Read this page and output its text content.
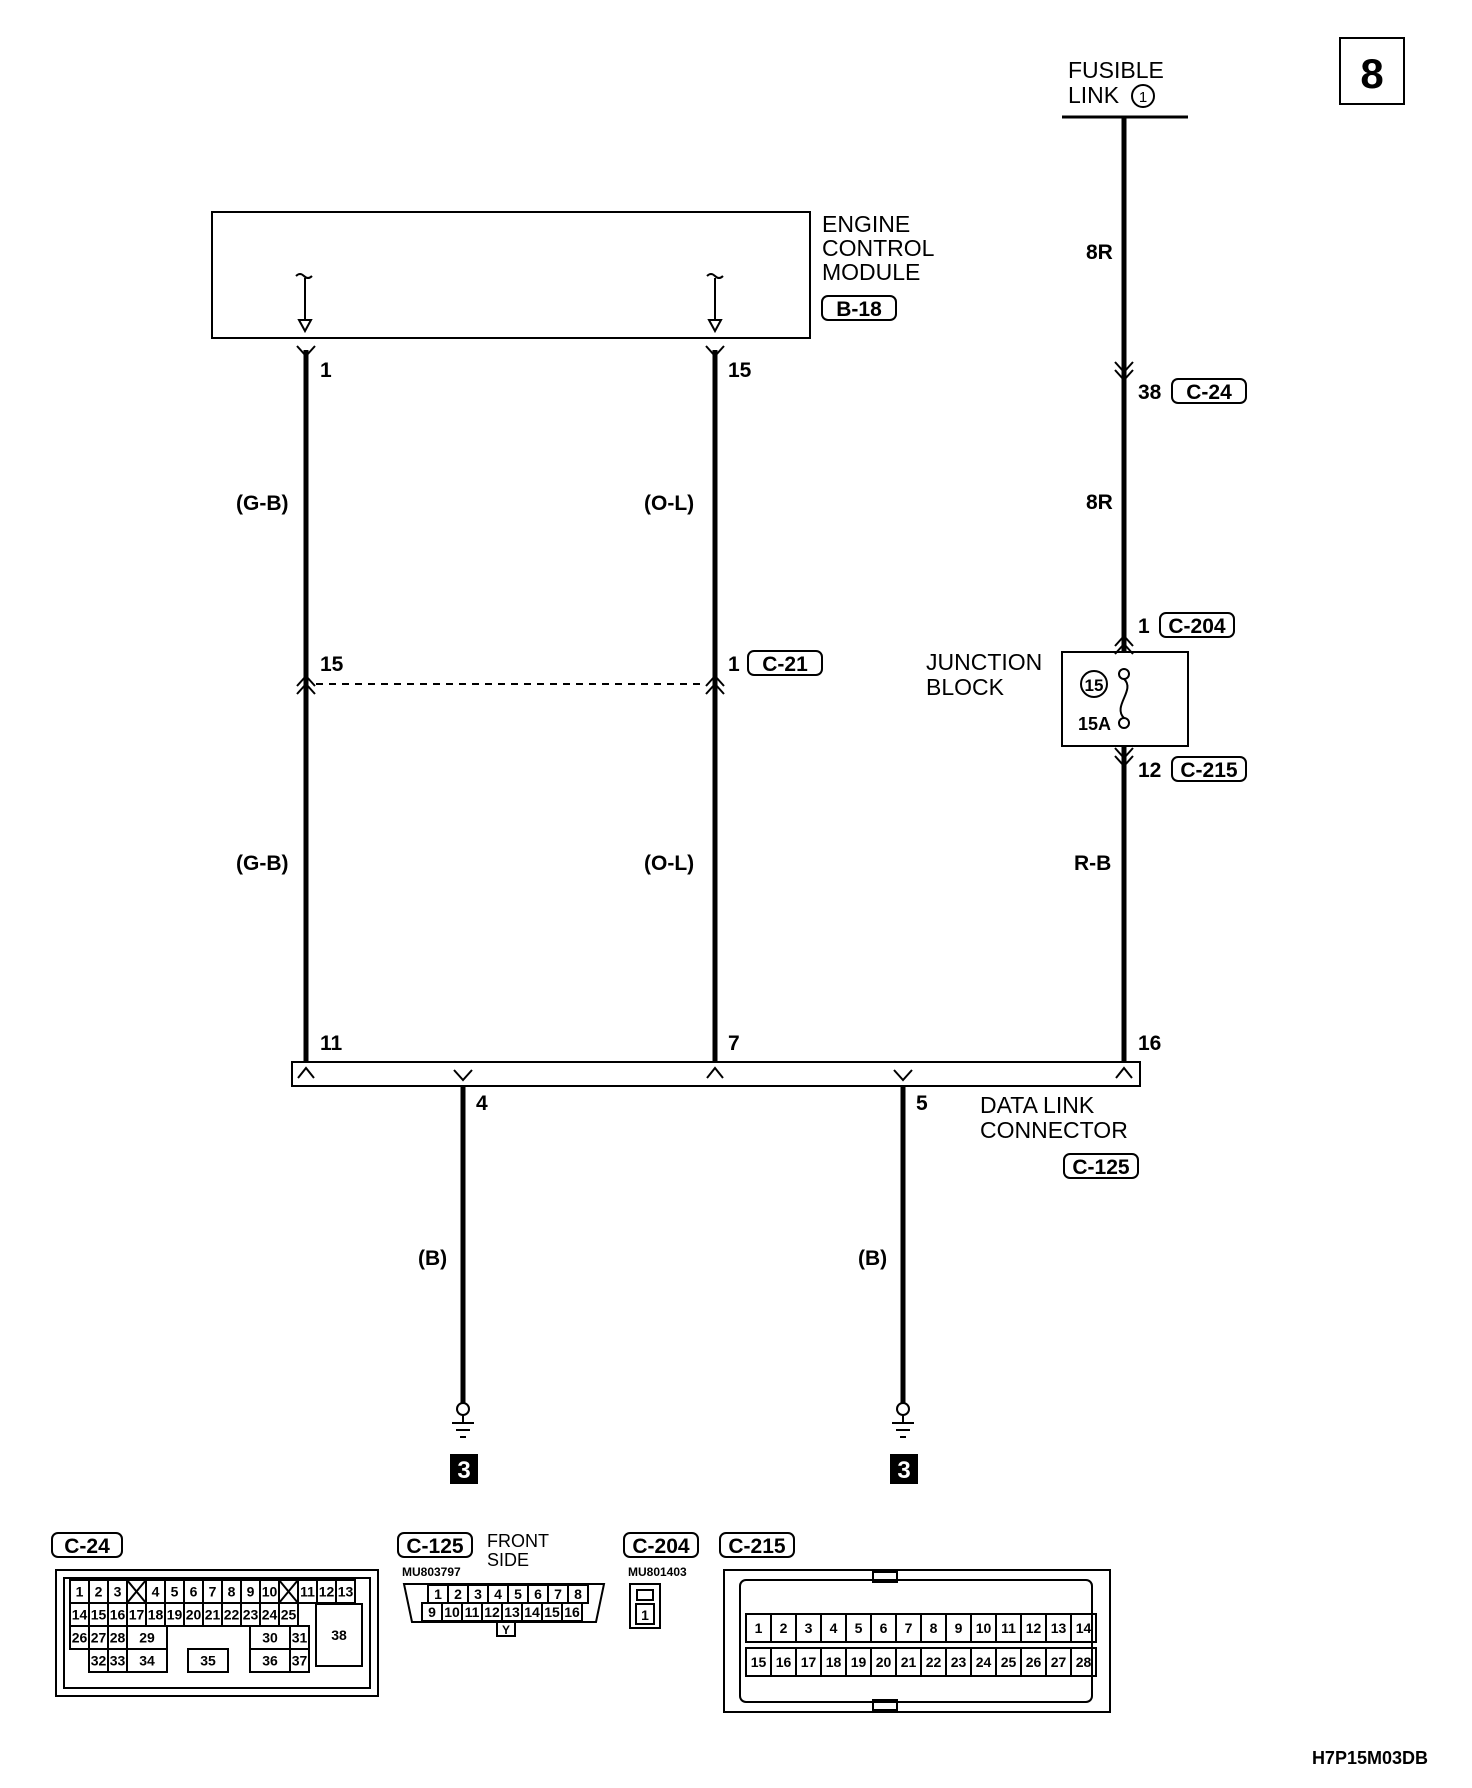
8
FUSIBLE
LINK 1
ENGINE
CONTROL
MODULE
B-18
1
(G-B)
(G-B)
15
(O-L)
(O-L)
15	1 C-21
8R
38 C-24
8R
1 C-204
JUNCTION
BLOCK	15
15A
12 C-215
R-B
11	7	16
4	5 DATA LINK
CONNECTOR
C-125
(B)	(B)
3	3
C-24
1 2 3 4 5 6 7 8 9 10 11 12 13
14 15 16 17 18 19 20 21 22 23 24 25
26 27 28 29	30 31
32 33 34	35	36 37
38
C-125 FRONT
SIDE
MU803797
1 2 3 4 5 6 7 8
9 10 11 12 13 14 15 16
Y
C-204
MU801403
1
C-215
1 2 3 4 5 6 7 8 9 10 11 12 13 14
15 16 17 18 19 20 21 22 23 24 25 26 27 28
H7P15M03DB
